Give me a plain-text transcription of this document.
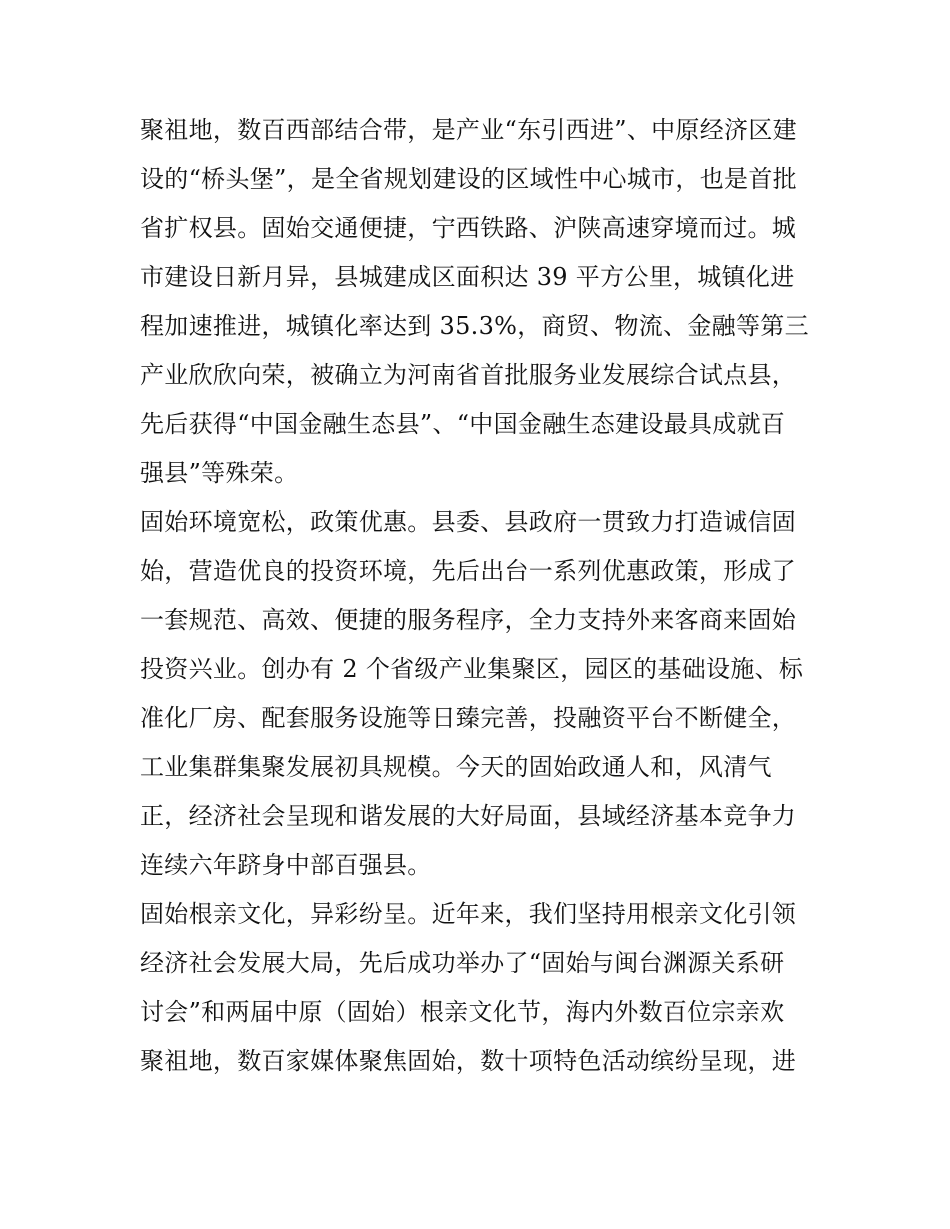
聚祖地，数百西部结合带，是产业“东引西进”、中原经济区建
设的“桥头堡”，是全省规划建设的区域性中心城市，也是首批
省扩权县。固始交通便捷，宁西铁路、沪陕高速穿境而过。城
市建设日新月异，县城建成区面积达 39 平方公里，城镇化进
程加速推进，城镇化率达到 35.3%，商贸、物流、金融等第三
产业欣欣向荣，被确立为河南省首批服务业发展综合试点县，
先后获得“中国金融生态县”、“中国金融生态建设最具成就百
强县”等殊荣。
固始环境宽松，政策优惠。县委、县政府一贯致力打造诚信固
始，营造优良的投资环境，先后出台一系列优惠政策，形成了
一套规范、高效、便捷的服务程序，全力支持外来客商来固始
投资兴业。创办有 2 个省级产业集聚区，园区的基础设施、标
准化厂房、配套服务设施等日臻完善，投融资平台不断健全，
工业集群集聚发展初具规模。今天的固始政通人和，风清气
正，经济社会呈现和谐发展的大好局面，县域经济基本竞争力
连续六年跻身中部百强县。
固始根亲文化，异彩纷呈。近年来，我们坚持用根亲文化引领
经济社会发展大局，先后成功举办了“固始与闽台渊源关系研
讨会”和两届中原（固始）根亲文化节，海内外数百位宗亲欢
聚祖地，数百家媒体聚焦固始，数十项特色活动缤纷呈现，进
